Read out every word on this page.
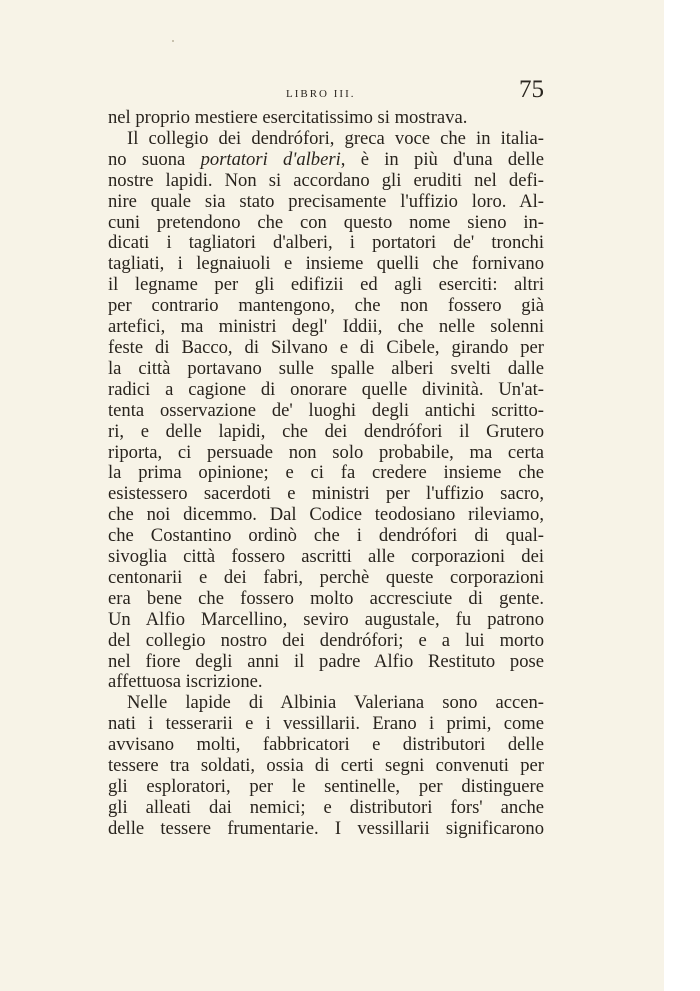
LIBRO III.	75

nel proprio mestiere esercitatissimo si mostrava.

Il collegio dei dendrófori, greca voce che in italia-
no suona portatori d'alberi, è in più d'una delle
nostre lapidi. Non si accordano gli eruditi nel defi-
nire quale sia stato precisamente l'uffizio loro. Al-
cuni pretendono che con questo nome sieno in-
dicati i tagliatori d'alberi, i portatori de' tronchi
tagliati, i legnaiuoli e insieme quelli che fornivano
il legname per gli edifizii ed agli eserciti: altri
per contrario mantengono, che non fossero già
artefici, ma ministri degl' Iddii, che nelle solenni
feste di Bacco, di Silvano e di Cibele, girando per
la città portavano sulle spalle alberi svelti dalle
radici a cagione di onorare quelle divinità. Un'at-
tenta osservazione de' luoghi degli antichi scritto-
ri, e delle lapidi, che dei dendrófori il Grutero
riporta, ci persuade non solo probabile, ma certa
la prima opinione; e ci fa credere insieme che
esistessero sacerdoti e ministri per l'uffizio sacro,
che noi dicemmo. Dal Codice teodosiano rileviamo,
che Costantino ordinò che i dendrófori di qual-
sivoglia città fossero ascritti alle corporazioni dei
centonarii e dei fabri, perchè queste corporazioni
era bene che fossero molto accresciute di gente.
Un Alfio Marcellino, seviro augustale, fu patrono
del collegio nostro dei dendrófori; e a lui morto
nel fiore degli anni il padre Alfio Restituto pose
affettuosa iscrizione.

Nelle lapide di Albinia Valeriana sono accen-
nati i tesserarii e i vessillarii. Erano i primi, come
avvisano molti, fabbricatori e distributori delle
tessere tra soldati, ossia di certi segni convenuti per
gli esploratori, per le sentinelle, per distinguere
gli alleati dai nemici; e distributori fors' anche
delle tessere frumentarie. I vessillarii significarono
